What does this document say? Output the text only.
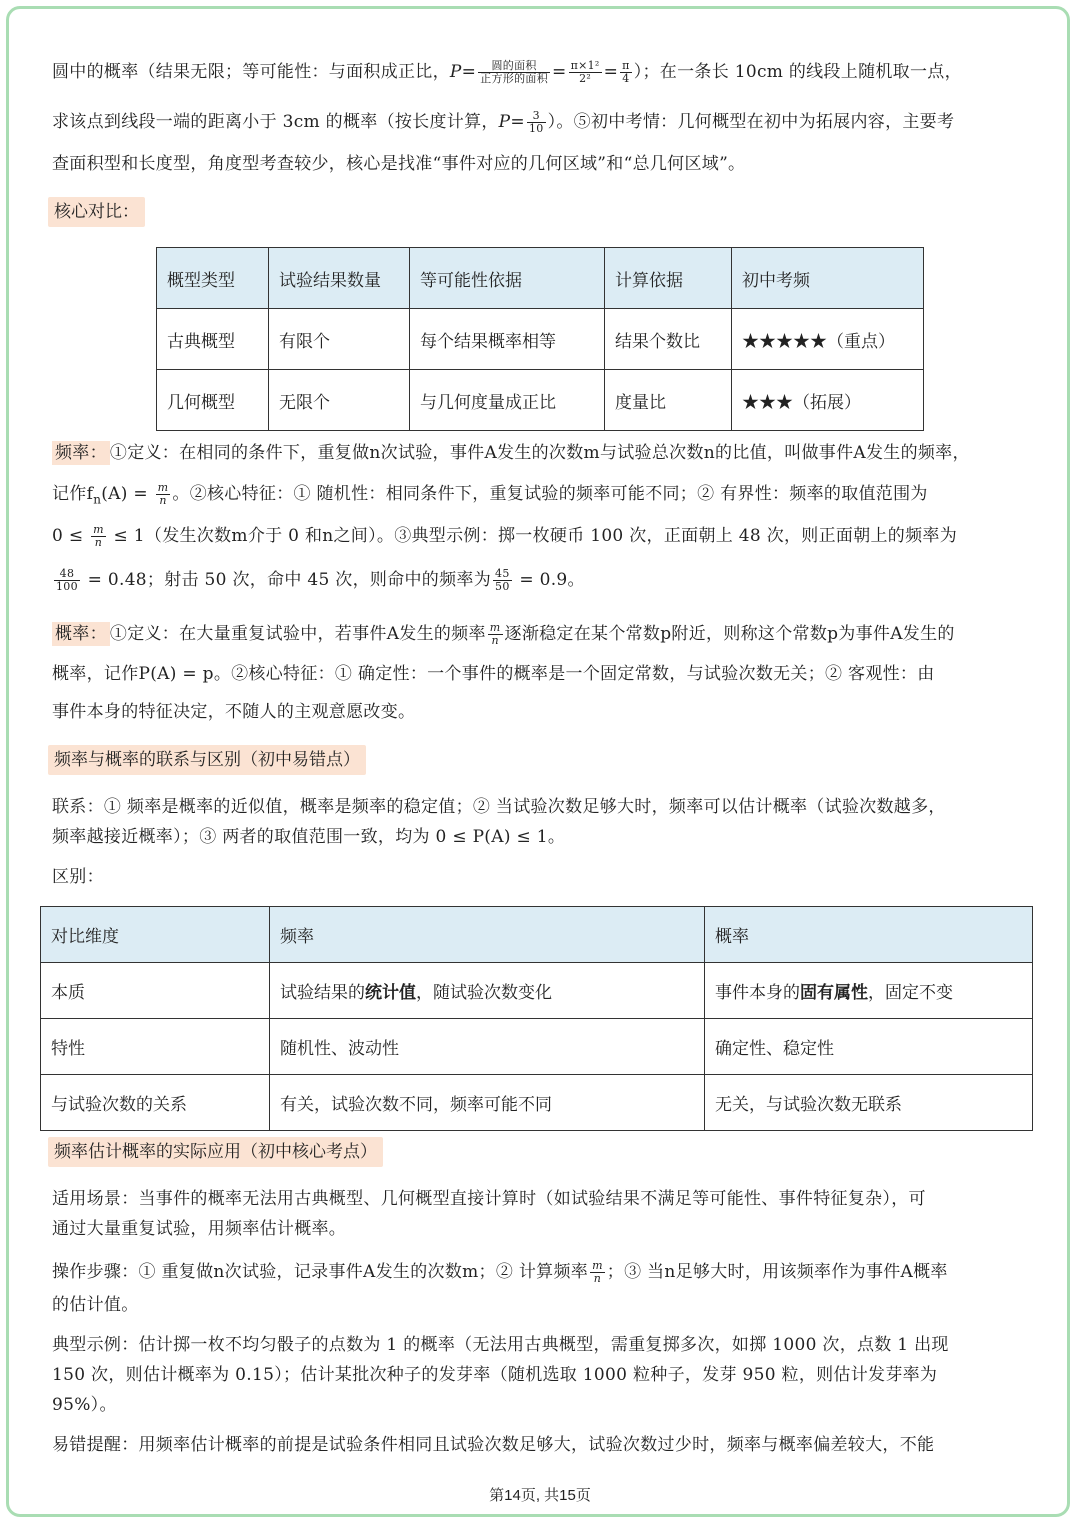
圆中的概率（结果无限；等可能性：与面积成正比，$P= \frac{\text{圆的面积}}{\text{正方形的面积}} = \frac{\text{π×1²}}{\text{2²}} = \frac{\pi}{4}$ ）；在一条长 10cm 的线段上随机取一点，
求该点到线段一端的距离小于 3cm 的概率（按长度计算，$P= \frac{3}{10}$ ）。⑤初中考情：几何概型在初中为拓展内容，主要考
查面积型和长度型，角度型考查较少，核心是找准“事件对应的几何区域”和“总几何区域”。
核心对比：
概型类型	试验结果数量	等可能性依据	计算依据	初中考频
古典概型	有限个	每个结果概率相等	结果个数比	★★★★★（重点）
几何概型	无限个	与几何度量成正比	度量比	★★★（拓展）
频率： ①定义：在相同的条件下，重复做n次试验，事件A发生的次数m与试验总次数n的比值，叫做事件A发生的频率，
记作$f_n(A) = \frac{m}{n}$ 。②核心特征：① 随机性：相同条件下，重复试验的频率可能不同；② 有界性：频率的取值范围为
$0 \le \frac{m}{n} \le 1$（发生次数m介于 0 和n之间）。③典型示例：掷一枚硬币 100 次，正面朝上 48 次，则正面朝上的频率为
$\frac{48}{100} = 0.48$；射击 50 次，命中 45 次，则命中的频率为 $\frac{45}{50} = 0.9$。
概率： ①定义：在大量重复试验中，若事件A发生的频率 $\frac{m}{n}$ 逐渐稳定在某个常数p附近，则称这个常数p为事件A发生的
概率，记作P(A) = p。②核心特征：① 确定性：一个事件的概率是一个固定常数，与试验次数无关；② 客观性：由
事件本身的特征决定，不随人的主观意愿改变。
频率与概率的联系与区别（初中易错点）
联系：① 频率是概率的近似值，概率是频率的稳定值；② 当试验次数足够大时，频率可以估计概率（试验次数越多，
频率越接近概率）；③ 两者的取值范围一致，均为 0 ≤ P(A) ≤ 1。
区别：
对比维度	频率	概率
本质	试验结果的统计值，随试验次数变化	事件本身的固有属性，固定不变
特性	随机性、波动性	确定性、稳定性
与试验次数的关系	有关，试验次数不同，频率可能不同	无关，与试验次数无联系
频率估计概率的实际应用（初中核心考点）
适用场景：当事件的概率无法用古典概型、几何概型直接计算时（如试验结果不满足等可能性、事件特征复杂），可
通过大量重复试验，用频率估计概率。
操作步骤：① 重复做n次试验，记录事件A发生的次数m；② 计算频率 $\frac{m}{n}$ ；③ 当n足够大时，用该频率作为事件A概率
的估计值。
典型示例：估计掷一枚不均匀骰子的点数为 1 的概率（无法用古典概型，需重复掷多次，如掷 1000 次，点数 1 出现
150 次，则估计概率为 0.15）；估计某批次种子的发芽率（随机选取 1000 粒种子，发芽 950 粒，则估计发芽率为
95%）。
易错提醒：用频率估计概率的前提是试验条件相同且试验次数足够大，试验次数过少时，频率与概率偏差较大，不能
第14页, 共15页
